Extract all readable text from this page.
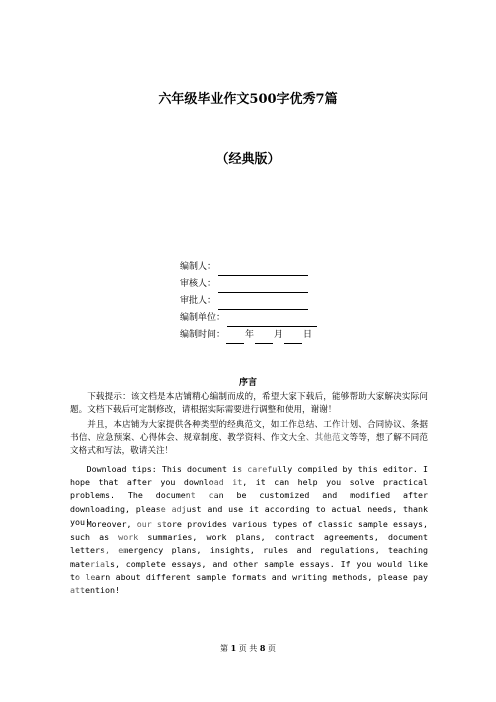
六年级毕业作文500字优秀7篇
（经典版）
编制人：
审核人：
审批人：
编制单位：
编制时间： 年 月 日
序言

下载提示：该文档是本店铺精心编制而成的，希望大家下载后，能够帮助大家解决实际问题。文档下载后可定制修改，请根据实际需要进行调整和使用，谢谢！

并且，本店铺为大家提供各种类型的经典范文，如工作总结、工作计划、合同协议、条据书信、应急预案、心得体会、规章制度、教学资料、作文大全、其他范文等等，想了解不同范文格式和写法，敬请关注！

Download tips: This document is carefully compiled by this editor. I hope that after you download it, it can help you solve practical problems. The document can be customized and modified after downloading, please adjust and use it according to actual needs, thank you!

Moreover, our store provides various types of classic sample essays, such as work summaries, work plans, contract agreements, document letters, emergency plans, insights, rules and regulations, teaching materials, complete essays, and other sample essays. If you would like to learn about different sample formats and writing methods, please pay attention!

第 1 页 共 8 页
